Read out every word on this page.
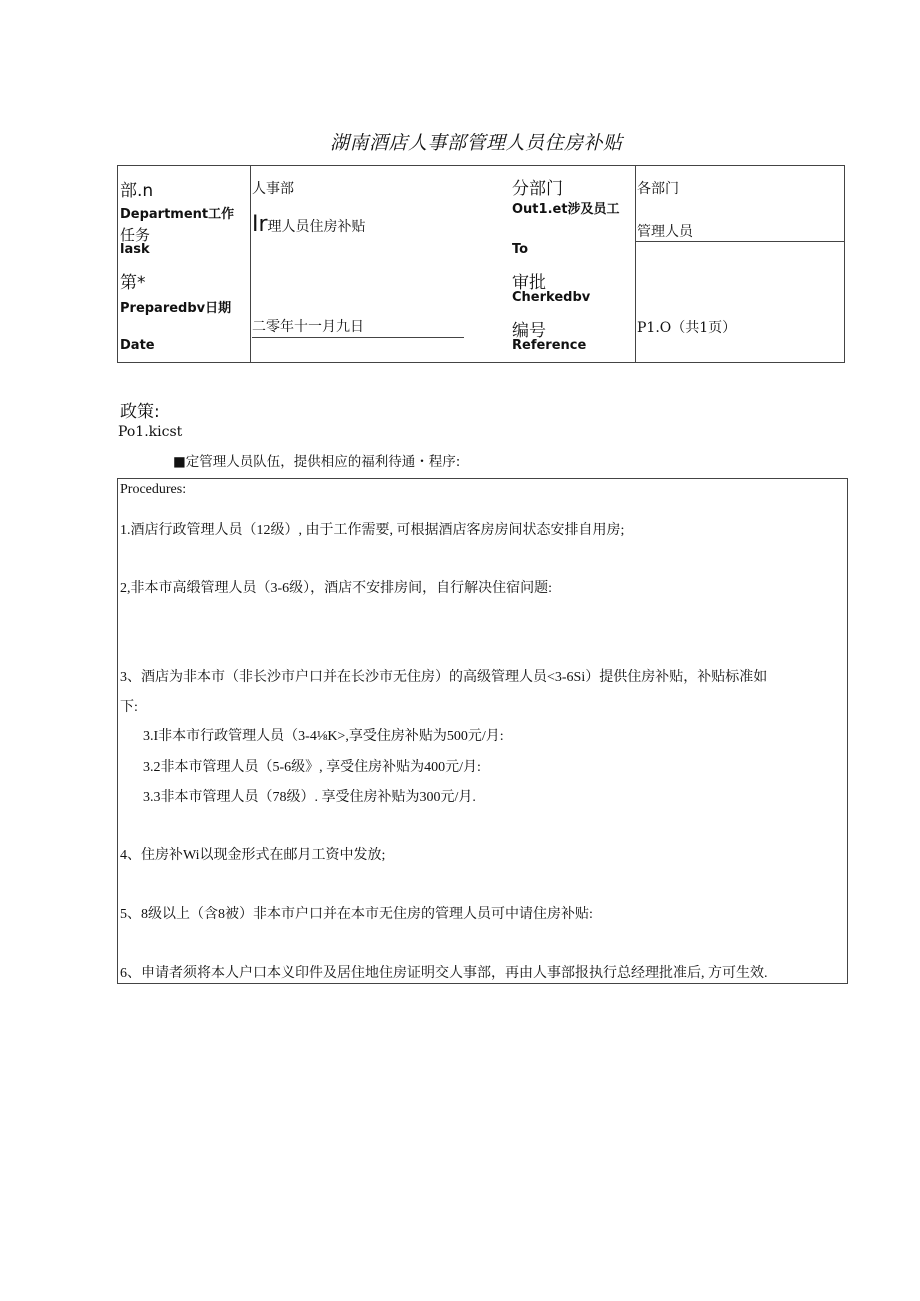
湖南酒店人事部管理人员住房补贴
部.n
Department工作
任务
lask
第*
Preparedbv日期
Date
人事部
Ir理人员住房补贴
二零年十一月九日
分部门
Out1.et涉及员工
To
审批
Cherkedbv
编号
Reference
各部门
管理人员
P1.O（共1页）
政策:
Po1.kicst
■定管理人员队伍，提供相应的福利待通・程序:
Procedures:
1.酒店行政管理人员（12级）, 由于工作需要, 可根据酒店客房房间状态安排自用房;
2,非本市高缎管理人员（3-6级），酒店不安排房间，自行解决住宿问题:
3、酒店为非本市（非长沙市户口并在长沙市无住房）的高级管理人员<3-6Si）提供住房补贴，补贴标准如
下:
3.I非本市行政管理人员（3-4⅛K>,享受住房补贴为500元/月:
3.2非本市管理人员（5-6级》, 享受住房补贴为400元/月:
3.3非本市管理人员（78级）. 享受住房补贴为300元/月.
4、住房补Wi以现金形式在邮月工资中发放;
5、8级以上（含8被）非本市户口并在本市无住房的管理人员可中请住房补贴:
6、申请者须将本人户口本义印件及居住地住房证明交人事部，再由人事部报执行总经理批准后, 方可生效.
